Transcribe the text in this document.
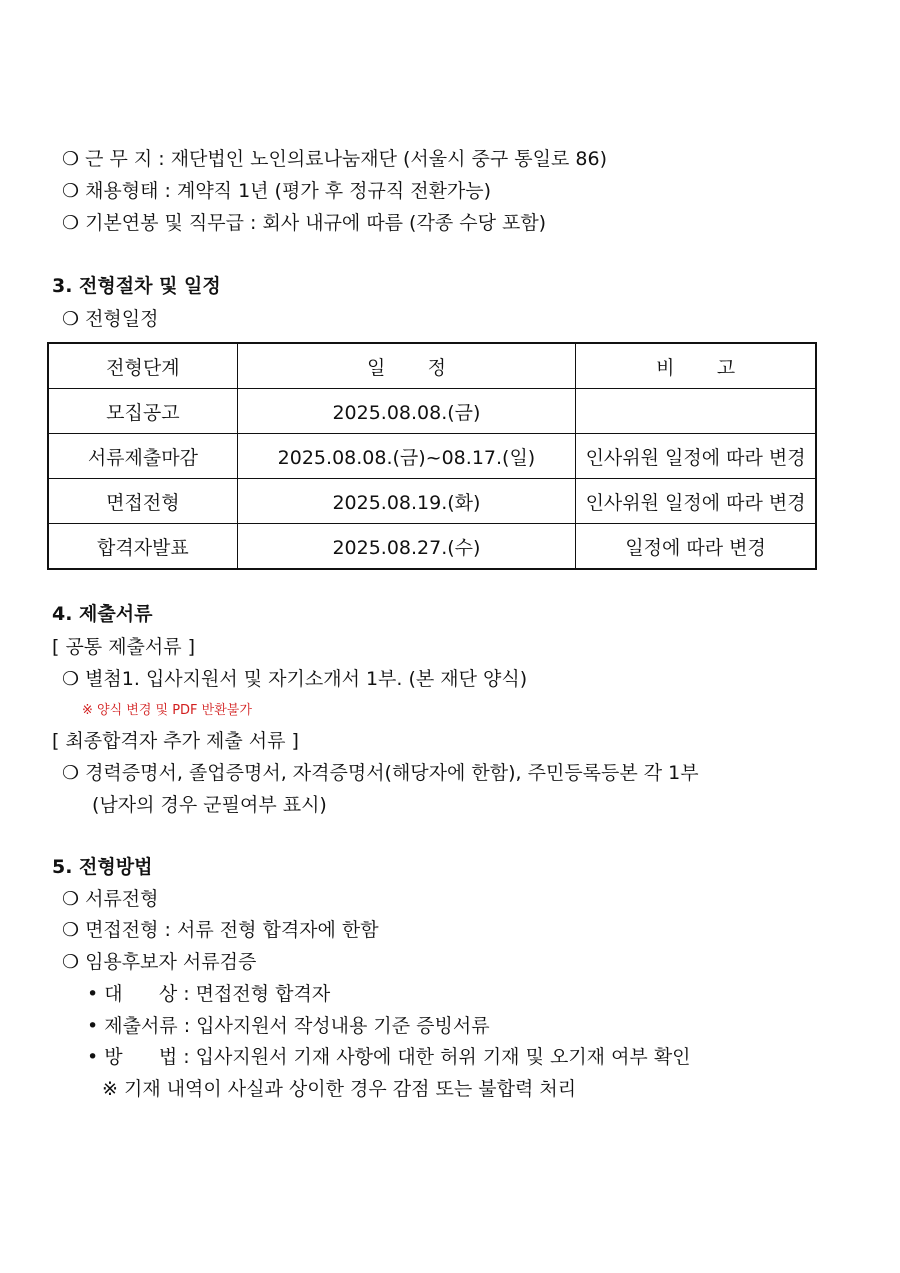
❍ 근 무 지 : 재단법인 노인의료나눔재단 (서울시 중구 통일로 86)
❍ 채용형태 : 계약직 1년 (평가 후 정규직 전환가능)
❍ 기본연봉 및 직무급 : 회사 내규에 따름 (각종 수당 포함)
3. 전형절차 및 일정
❍ 전형일정
전형단계	일       정	비       고
모집공고	2025.08.08.(금)	
서류제출마감	2025.08.08.(금)~08.17.(일)	인사위원 일정에 따라 변경
면접전형	2025.08.19.(화)	인사위원 일정에 따라 변경
합격자발표	2025.08.27.(수)	일정에 따라 변경
4. 제출서류
[ 공통 제출서류 ]
❍ 별첨1. 입사지원서 및 자기소개서 1부. (본 재단 양식)
※ 양식 변경 및 PDF 반환불가
[ 최종합격자 추가 제출 서류 ]
❍ 경력증명서, 졸업증명서, 자격증명서(해당자에 한함), 주민등록등본 각 1부
(남자의 경우 군필여부 표시)
5. 전형방법
❍ 서류전형
❍ 면접전형 : 서류 전형 합격자에 한함
❍ 임용후보자 서류검증
• 대      상 : 면접전형 합격자
• 제출서류 : 입사지원서 작성내용 기준 증빙서류
• 방      법 : 입사지원서 기재 사항에 대한 허위 기재 및 오기재 여부 확인
※ 기재 내역이 사실과 상이한 경우 감점 또는 불합력 처리
